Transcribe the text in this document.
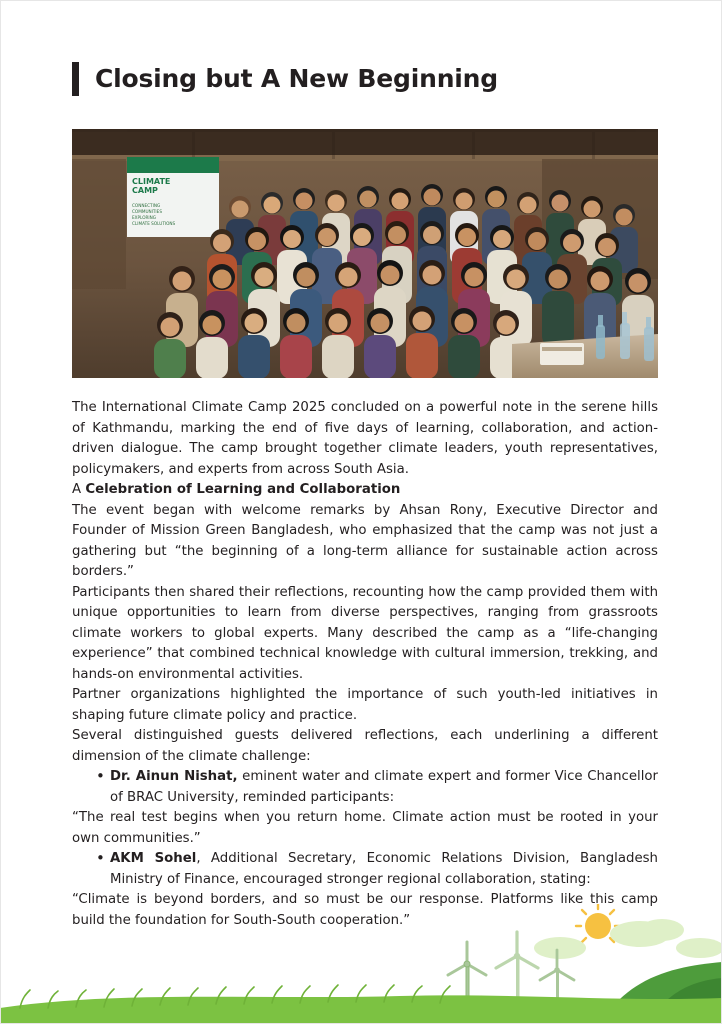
Closing but A New Beginning
CLIMATE
CAMP
CONNECTING
COMMUNITIES
EXPLORING
CLIMATE SOLUTIONS

The International Climate Camp 2025 concluded on a powerful note in the serene hills of Kathmandu, marking the end of five days of learning, collaboration, and action-driven dialogue. The camp brought together climate leaders, youth representatives, policymakers, and experts from across South Asia.

A Celebration of Learning and Collaboration

The event began with welcome remarks by Ahsan Rony, Executive Director and Founder of Mission Green Bangladesh, who emphasized that the camp was not just a gathering but “the beginning of a long-term alliance for sustainable action across borders.”

Participants then shared their reflections, recounting how the camp provided them with unique opportunities to learn from diverse perspectives, ranging from grassroots climate workers to global experts. Many described the camp as a “life-changing experience” that combined technical knowledge with cultural immersion, trekking, and hands-on environmental activities.

Partner organizations highlighted the importance of such youth-led initiatives in shaping future climate policy and practice.

Several distinguished guests delivered reflections, each underlining a different dimension of the climate challenge:

• Dr. Ainun Nishat, eminent water and climate expert and former Vice Chancellor of BRAC University, reminded participants:

“The real test begins when you return home. Climate action must be rooted in your own communities.”

• AKM Sohel, Additional Secretary, Economic Relations Division, Bangladesh Ministry of Finance, encouraged stronger regional collaboration, stating:

“Climate is beyond borders, and so must be our response. Platforms like this camp build the foundation for South-South cooperation.”
